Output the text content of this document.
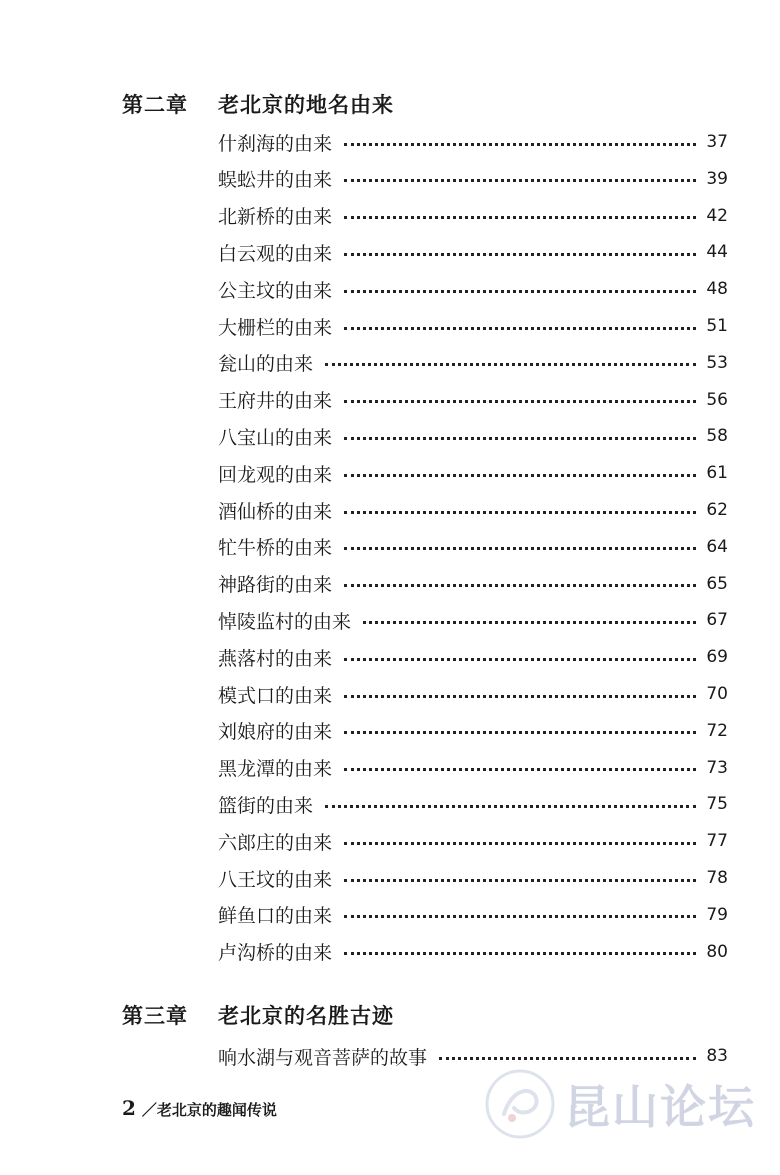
第二章 老北京的地名由来
什刹海的由来	37
蜈蚣井的由来	39
北新桥的由来	42
白云观的由来	44
公主坟的由来	48
大栅栏的由来	51
瓮山的由来	53
王府井的由来	56
八宝山的由来	58
回龙观的由来	61
酒仙桥的由来	62
牤牛桥的由来	64
神路街的由来	65
悼陵监村的由来	67
燕落村的由来	69
模式口的由来	70
刘娘府的由来	72
黑龙潭的由来	73
篮街的由来	75
六郎庄的由来	77
八王坟的由来	78
鲜鱼口的由来	79
卢沟桥的由来	80
第三章 老北京的名胜古迹
响水湖与观音菩萨的故事	83
2 ／老北京的趣闻传说	昆山论坛
